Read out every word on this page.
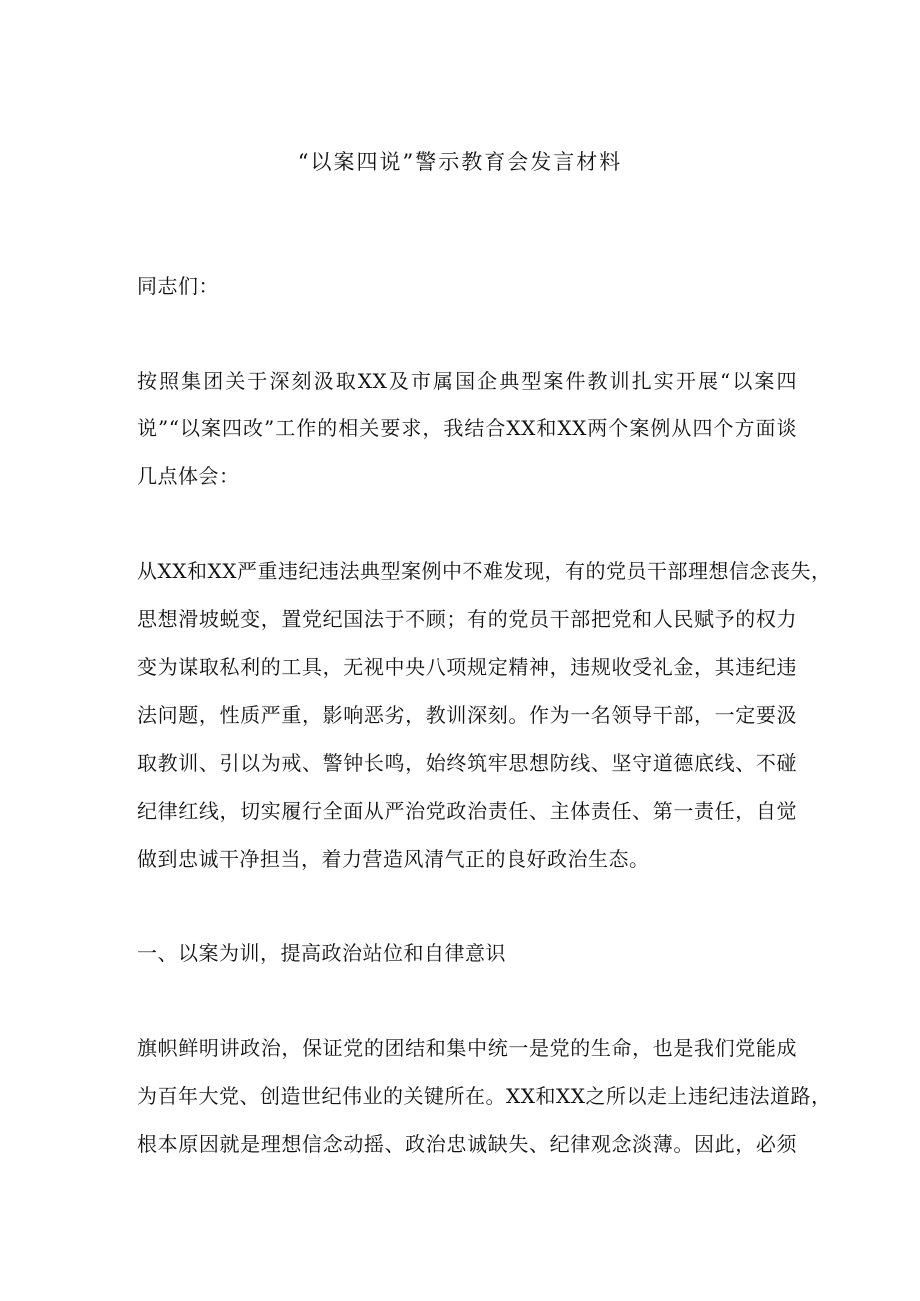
“以案四说”警示教育会发言材料
同志们：
按照集团关于深刻汲取XX及市属国企典型案件教训扎实开展“以案四
说”“以案四改”工作的相关要求，我结合XX和XX两个案例从四个方面谈
几点体会：
从XX和XX严重违纪违法典型案例中不难发现，有的党员干部理想信念丧失，
思想滑坡蜕变，置党纪国法于不顾；有的党员干部把党和人民赋予的权力
变为谋取私利的工具，无视中央八项规定精神，违规收受礼金，其违纪违
法问题，性质严重，影响恶劣，教训深刻。作为一名领导干部，一定要汲
取教训、引以为戒、警钟长鸣，始终筑牢思想防线、坚守道德底线、不碰
纪律红线，切实履行全面从严治党政治责任、主体责任、第一责任，自觉
做到忠诚干净担当，着力营造风清气正的良好政治生态。
一、以案为训，提高政治站位和自律意识
旗帜鲜明讲政治，保证党的团结和集中统一是党的生命，也是我们党能成
为百年大党、创造世纪伟业的关键所在。XX和XX之所以走上违纪违法道路，
根本原因就是理想信念动摇、政治忠诚缺失、纪律观念淡薄。因此，必须
